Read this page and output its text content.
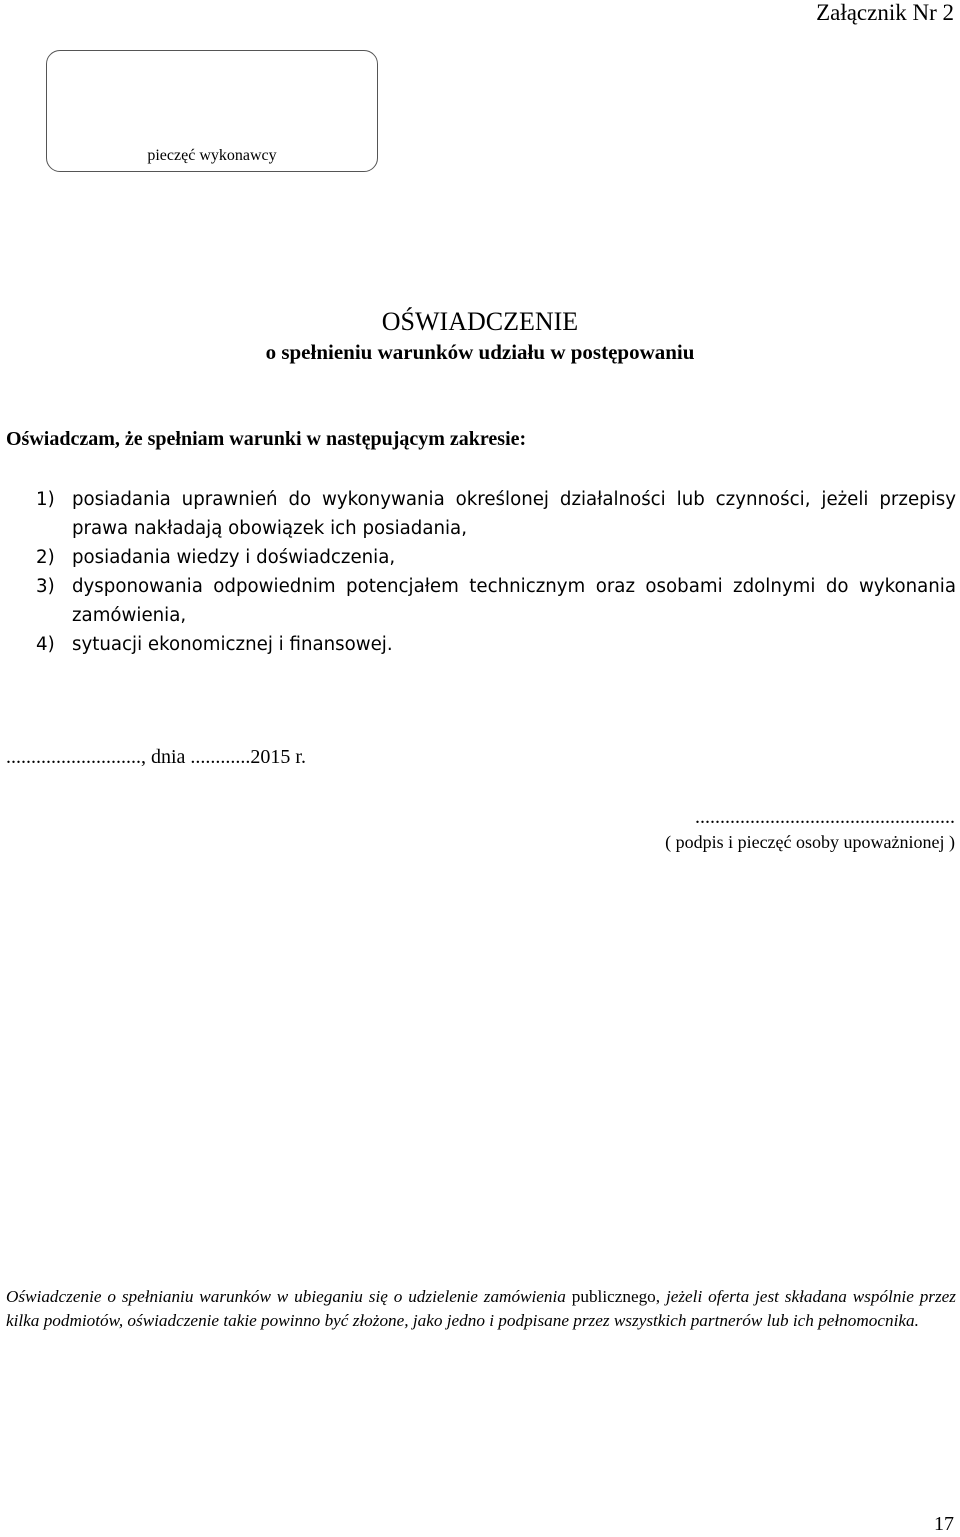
Załącznik Nr 2
pieczęć wykonawcy
OŚWIADCZENIE
o spełnieniu warunków udziału w postępowaniu
Oświadczam, że spełniam warunki w następującym zakresie:
1) posiadania uprawnień do wykonywania określonej działalności lub czynności, jeżeli przepisy prawa nakładają obowiązek ich posiadania,
2) posiadania wiedzy i doświadczenia,
3) dysponowania odpowiednim potencjałem technicznym oraz osobami zdolnymi do wykonania zamówienia,
4) sytuacji ekonomicznej i finansowej.
..........................., dnia ............2015 r.
....................................................
( podpis i pieczęć osoby upoważnionej )
Oświadczenie o spełnianiu warunków w ubieganiu się o udzielenie zamówienia publicznego, jeżeli oferta jest składana wspólnie przez kilka podmiotów, oświadczenie takie powinno być złożone, jako jedno i podpisane przez wszystkich partnerów lub ich pełnomocnika.
17
